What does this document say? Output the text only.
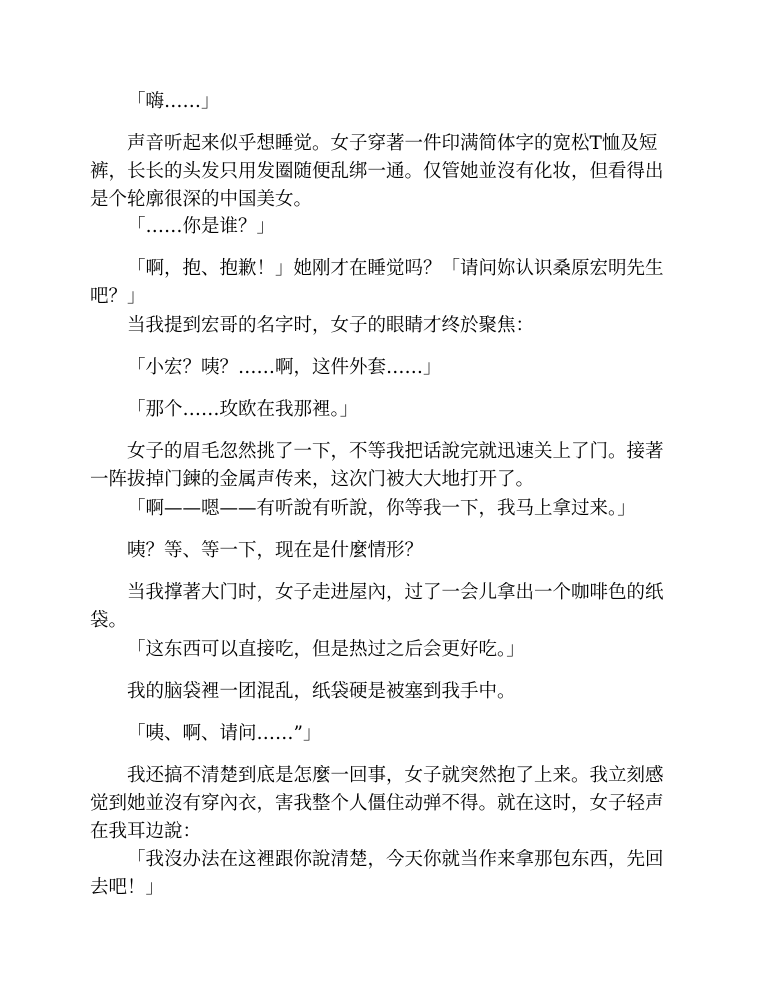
「嗨……」

声音听起来似乎想睡觉。女子穿著一件印满简体字的宽松T恤及短裤，长长的头发只用发圈随便乱绑一通。仅管她並沒有化妆，但看得出是个轮廓很深的中国美女。

「……你是谁？」

「啊，抱、抱歉！」她刚才在睡觉吗？「请问妳认识桑原宏明先生吧？」

当我提到宏哥的名字时，女子的眼睛才终於聚焦：

「小宏？咦？……啊，这件外套……」

「那个……玫欧在我那裡。」

女子的眉毛忽然挑了一下，不等我把话說完就迅速关上了门。接著一阵拔掉门鍊的金属声传来，这次门被大大地打开了。

「啊——嗯——有听說有听說，你等我一下，我马上拿过来。」

咦？等、等一下，现在是什麼情形？

当我撑著大门时，女子走进屋內，过了一会儿拿出一个咖啡色的纸袋。

「这东西可以直接吃，但是热过之后会更好吃。」

我的脑袋裡一团混乱，纸袋硬是被塞到我手中。

「咦、啊、请问……”」

我还搞不清楚到底是怎麼一回事，女子就突然抱了上来。我立刻感觉到她並沒有穿內衣，害我整个人僵住动弹不得。就在这时，女子轻声在我耳边說：

「我沒办法在这裡跟你說清楚，今天你就当作来拿那包东西，先回去吧！」
